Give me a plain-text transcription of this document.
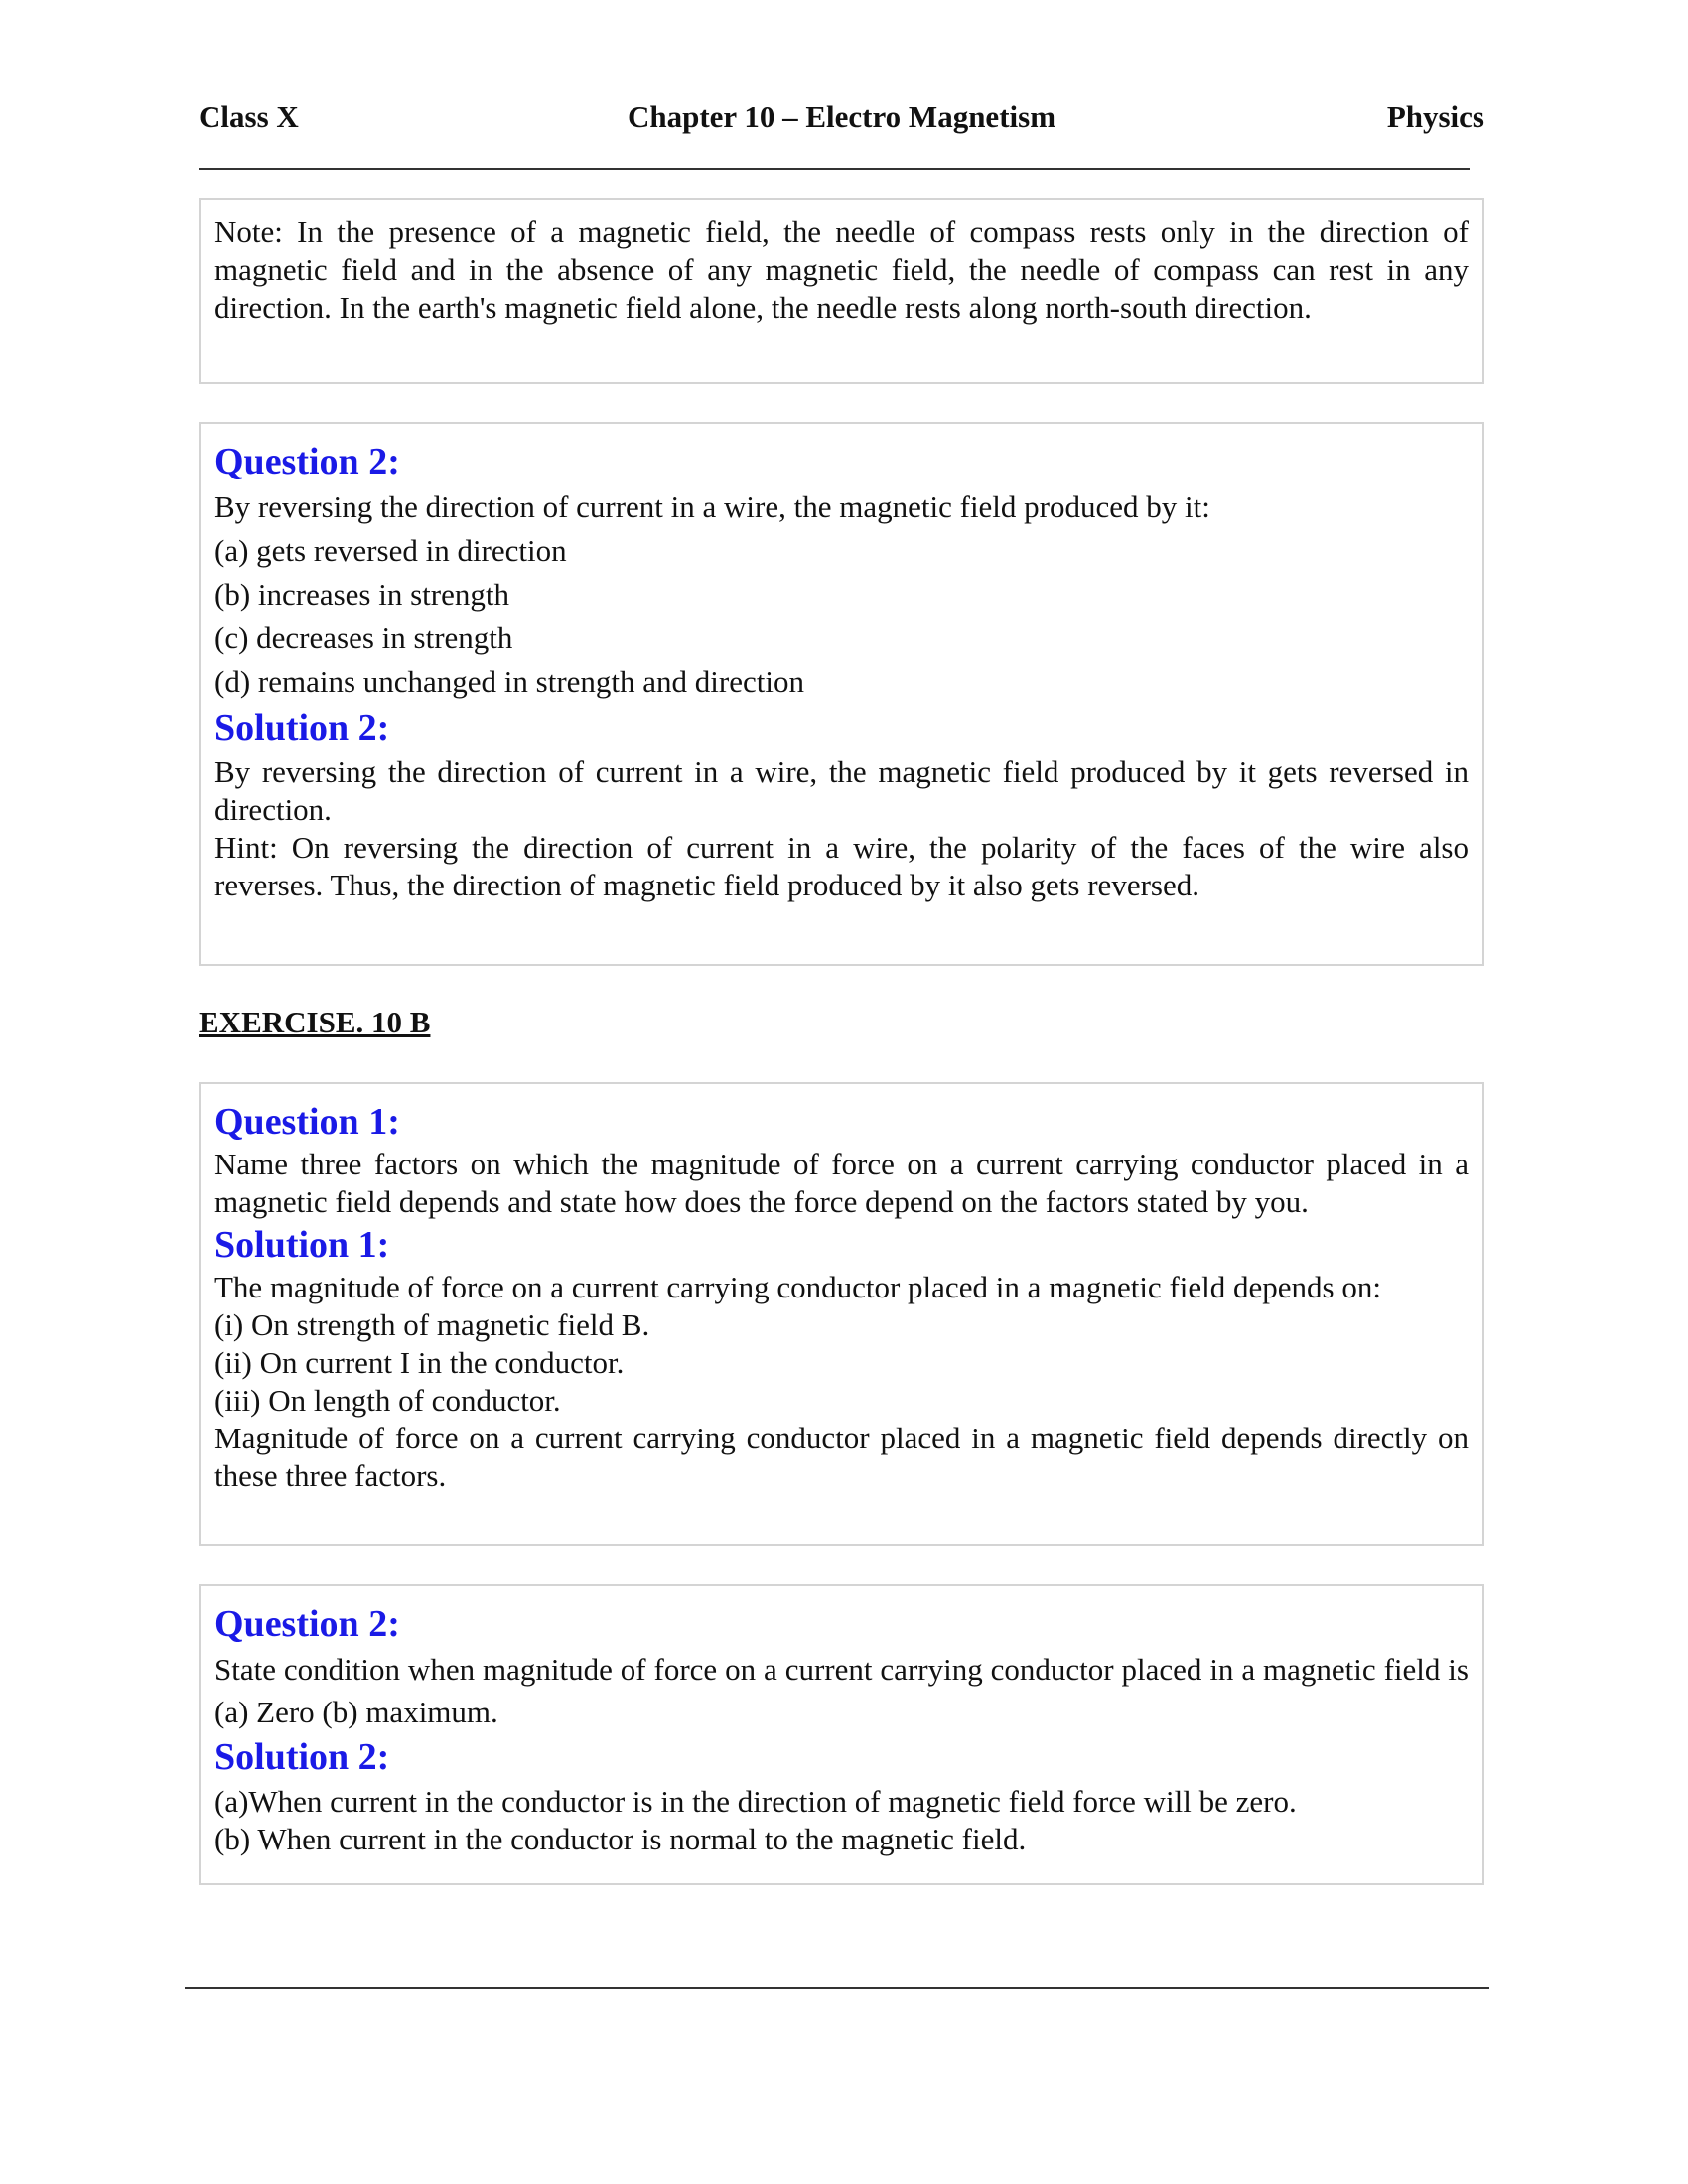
Class X	Chapter 10 – Electro Magnetism	Physics

Note: In the presence of a magnetic field, the needle of compass rests only in the direction of magnetic field and in the absence of any magnetic field, the needle of compass can rest in any direction. In the earth's magnetic field alone, the needle rests along north-south direction.

Question 2:

By reversing the direction of current in a wire, the magnetic field produced by it:

(a) gets reversed in direction

(b) increases in strength

(c) decreases in strength

(d) remains unchanged in strength and direction

Solution 2:

By reversing the direction of current in a wire, the magnetic field produced by it gets reversed in direction.

Hint: On reversing the direction of current in a wire, the polarity of the faces of the wire also reverses. Thus, the direction of magnetic field produced by it also gets reversed.

EXERCISE. 10 B
Question 1:

Name three factors on which the magnitude of force on a current carrying conductor placed in a magnetic field depends and state how does the force depend on the factors stated by you.

Solution 1:

The magnitude of force on a current carrying conductor placed in a magnetic field depends on:

(i) On strength of magnetic field B.

(ii) On current I in the conductor.

(iii) On length of conductor.

Magnitude of force on a current carrying conductor placed in a magnetic field depends directly on these three factors.

Question 2:

State condition when magnitude of force on a current carrying conductor placed in a magnetic field is (a) Zero (b) maximum.

Solution 2:

(a)When current in the conductor is in the direction of magnetic field force will be zero.

(b) When current in the conductor is normal to the magnetic field.
